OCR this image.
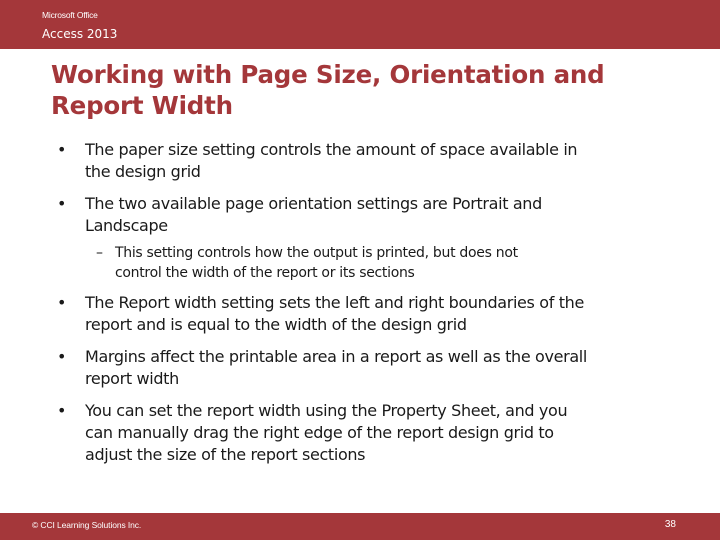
Microsoft Office
Access 2013
Working with Page Size, Orientation and
Report Width
• The paper size setting controls the amount of space available in
the design grid
• The two available page orientation settings are Portrait and
Landscape
– This setting controls how the output is printed, but does not
control the width of the report or its sections
• The Report width setting sets the left and right boundaries of the
report and is equal to the width of the design grid
• Margins affect the printable area in a report as well as the overall
report width
• You can set the report width using the Property Sheet, and you
can manually drag the right edge of the report design grid to
adjust the size of the report sections
© CCI Learning Solutions Inc.	38
